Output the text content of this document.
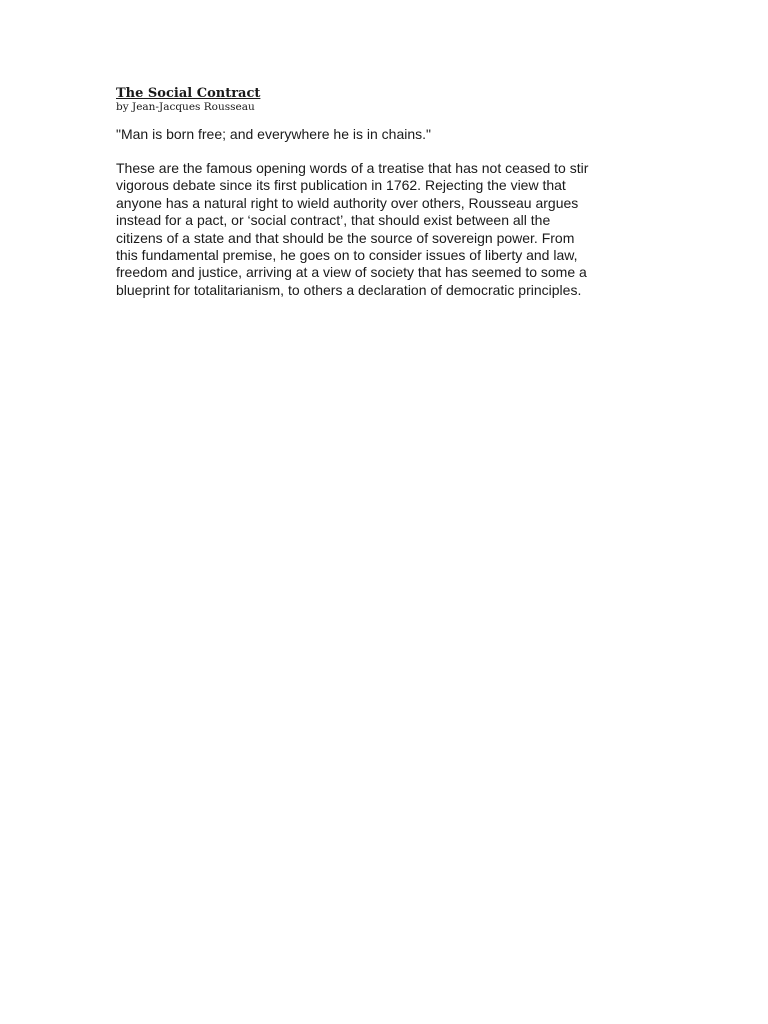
The Social Contract

by Jean-Jacques Rousseau

"Man is born free; and everywhere he is in chains."

These are the famous opening words of a treatise that has not ceased to stir
vigorous debate since its first publication in 1762. Rejecting the view that
anyone has a natural right to wield authority over others, Rousseau argues
instead for a pact, or ‘social contract’, that should exist between all the
citizens of a state and that should be the source of sovereign power. From
this fundamental premise, he goes on to consider issues of liberty and law,
freedom and justice, arriving at a view of society that has seemed to some a
blueprint for totalitarianism, to others a declaration of democratic principles.
